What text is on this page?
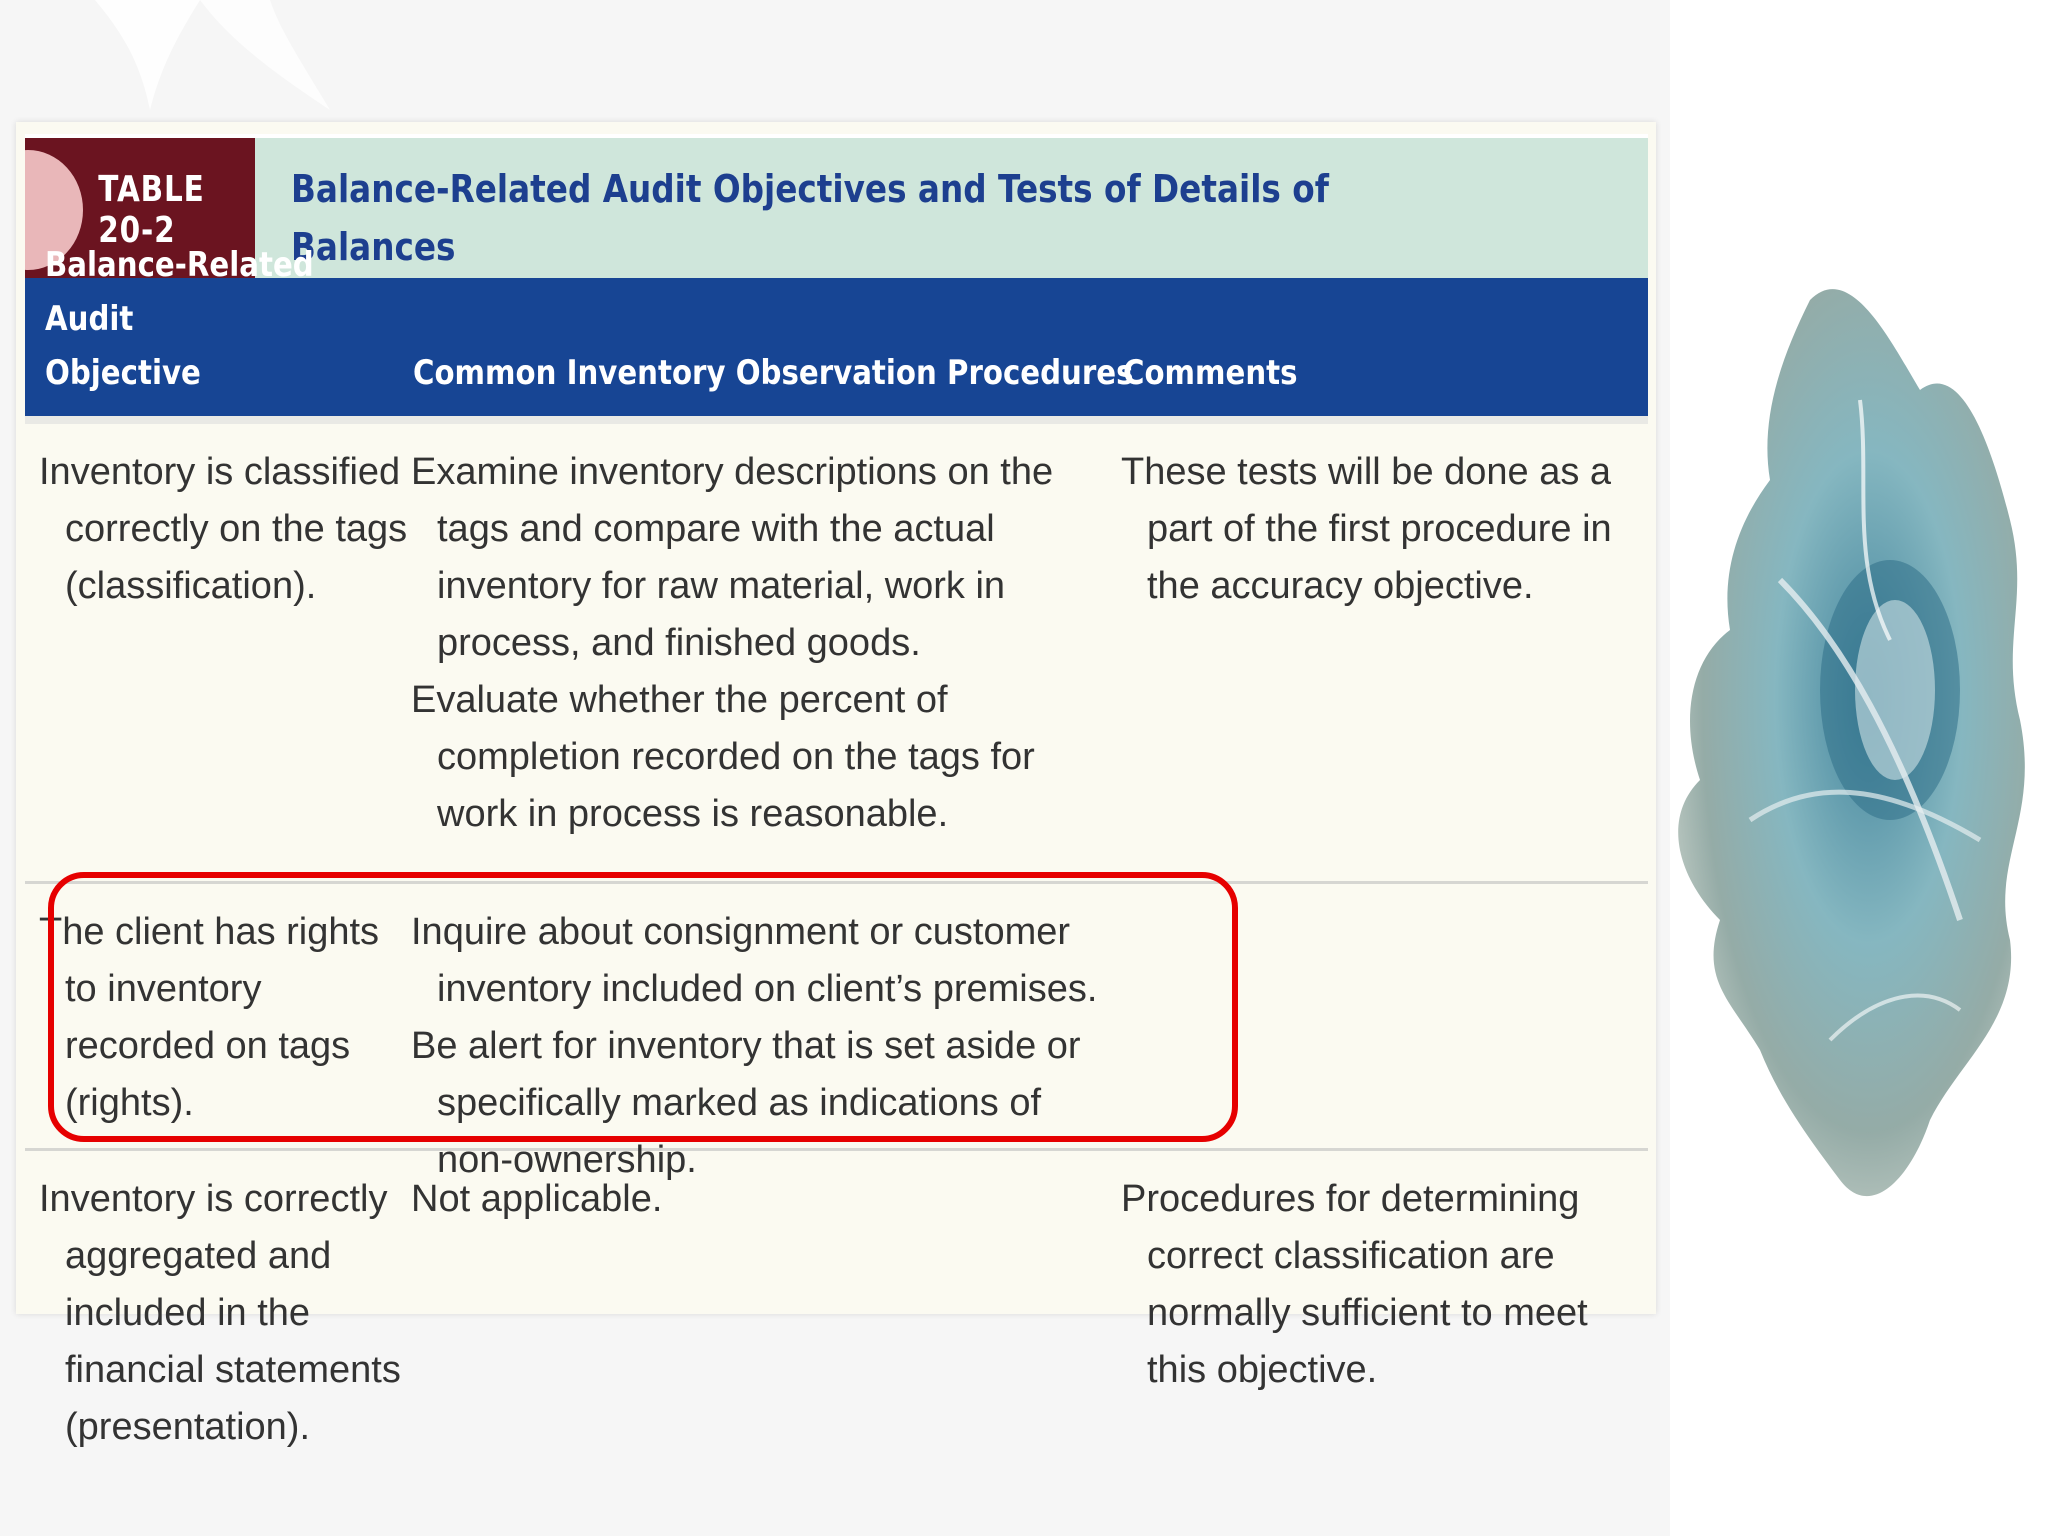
TABLE 20-2
Balance-Related Audit Objectives and Tests of Details of Balances
Balance-Related Audit
Objective	Common Inventory Observation Procedures
Comments

Inventory is classified correctly on the tags (classification).

Examine inventory descriptions on the tags and compare with the actual inventory for raw material, work in process, and finished goods.

Evaluate whether the percent of completion recorded on the tags for work in process is reasonable.

These tests will be done as a part of the first procedure in the accuracy objective.

The client has rights to inventory recorded on tags (rights).

Inquire about consignment or customer inventory included on client’s premises.

Be alert for inventory that is set aside or specifically marked as indications of non-ownership.

Inventory is correctly aggregated and included in the financial statements (presentation).

Not applicable.	Procedures for determining correct classification are normally sufficient to meet this objective.
